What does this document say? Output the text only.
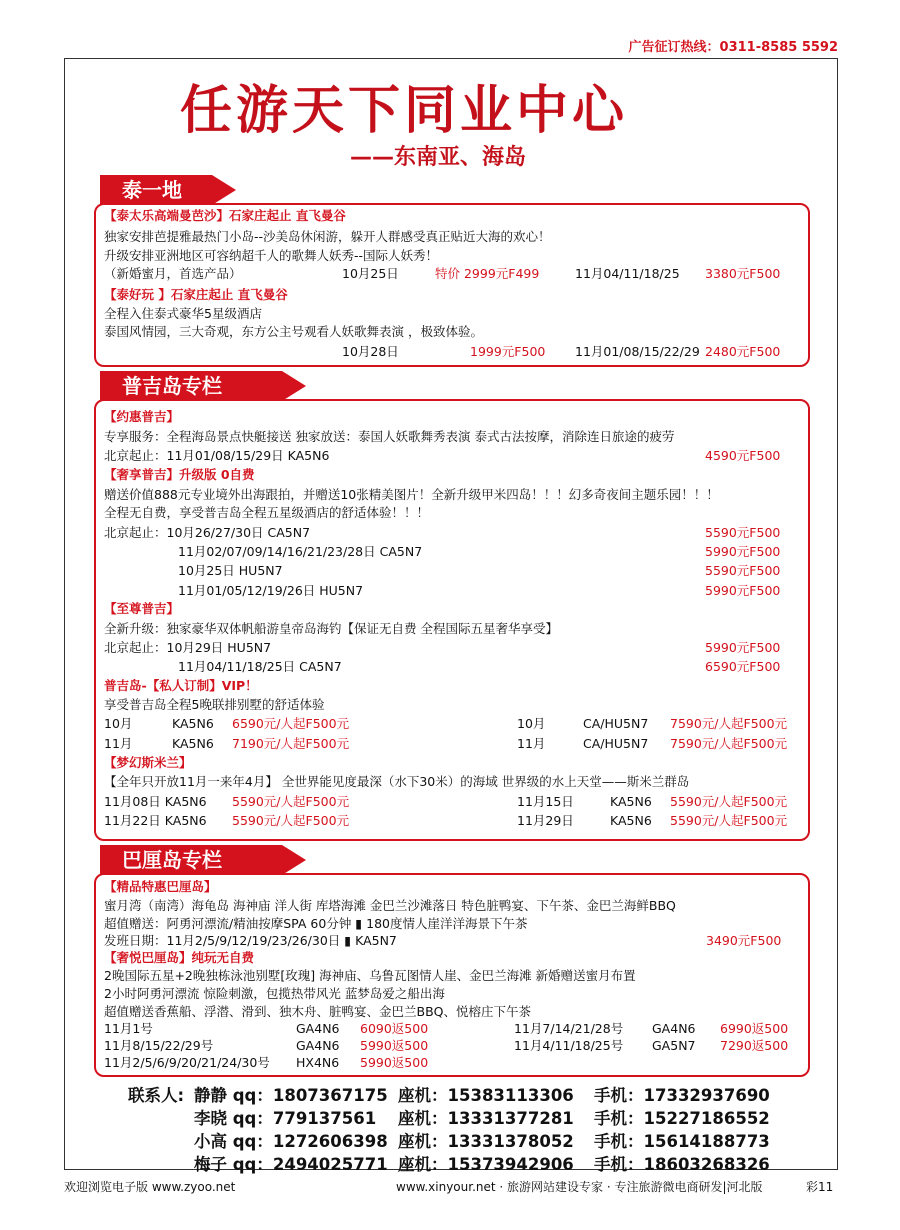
广告征订热线：0311-8585 5592
任游天下同业中心
——东南亚、海岛
泰一地
【泰太乐高端曼芭沙】石家庄起止 直飞曼谷
独家安排芭提雅最热门小岛--沙美岛休闲游，躲开人群感受真正贴近大海的欢心！
升级安排亚洲地区可容纳超千人的歌舞人妖秀--国际人妖秀！
（新婚蜜月，首选产品）	10月25日	特价 2999元F499	11月04/11/18/25 3380元F500
【泰好玩 】石家庄起止 直飞曼谷
全程入住泰式豪华5星级酒店
泰国风情园，三大奇观，东方公主号观看人妖歌舞表演 ，极致体验。
10月28日	1999元F500 11月01/08/15/22/29 2480元F500
普吉岛专栏
【约惠普吉】
专享服务：全程海岛景点快艇接送 独家放送：泰国人妖歌舞秀表演 泰式古法按摩，消除连日旅途的疲劳
北京起止：11月01/08/15/29日 KA5N6	4590元F500
【奢享普吉】升级版 0自费
赠送价值888元专业境外出海跟拍，并赠送10张精美图片！全新升级甲米四岛！！！幻多奇夜间主题乐园！！！
全程无自费，享受普吉岛全程五星级酒店的舒适体验！！！
北京起止：10月26/27/30日 CA5N7	5590元F500
11月02/07/09/14/16/21/23/28日 CA5N7	5990元F500
10月25日 HU5N7	5590元F500
11月01/05/12/19/26日 HU5N7	5990元F500
【至尊普吉】
全新升级：独家豪华双体帆船游皇帝岛海钓【保证无自费 全程国际五星奢华享受】
北京起止：10月29日 HU5N7	5990元F500
11月04/11/18/25日 CA5N7	6590元F500
普吉岛-【私人订制】VIP！
享受普吉岛全程5晚联排别墅的舒适体验
10月	KA5N6 6590元/人起F500元	10月	CA/HU5N7 7590元/人起F500元
11月	KA5N6 7190元/人起F500元	11月	CA/HU5N7 7590元/人起F500元
【梦幻斯米兰】
【全年只开放11月一来年4月】 全世界能见度最深（水下30米）的海域 世界级的水上天堂——斯米兰群岛
11月08日 KA5N6 5590元/人起F500元	11月15日	KA5N6 5590元/人起F500元
11月22日 KA5N6 5590元/人起F500元	11月29日	KA5N6 5590元/人起F500元
巴厘岛专栏
【精品特惠巴厘岛】
蜜月湾（南湾）海龟岛 海神庙 洋人街 库塔海滩 金巴兰沙滩落日 特色脏鸭宴、下午茶、金巴兰海鲜BBQ
超值赠送：阿勇河漂流/精油按摩SPA 60分钟 ▮ 180度情人崖洋洋海景下午茶
发班日期：11月2/5/9/12/19/23/26/30日 ▮ KA5N7	3490元F500
【奢悦巴厘岛】纯玩无自费
2晚国际五星+2晚独栋泳池别墅[玫瑰] 海神庙、乌鲁瓦图情人崖、金巴兰海滩 新婚赠送蜜月布置
2小时阿勇河漂流 惊险刺激，包揽热带风光 蓝梦岛爱之船出海
超值赠送香蕉船、浮潜、滑到、独木舟、脏鸭宴、金巴兰BBQ、悦榕庄下午茶
11月1号	GA4N6 6090返500	11月7/14/21/28号 GA4N6 6990返500
11月8/15/22/29号	GA4N6 5990返500	11月4/11/18/25号 GA5N7 7290返500
11月2/5/6/9/20/21/24/30号 HX4N6 5990返500
联系人: 静静 qq：1807367175 座机：15383113306 手机：17332937690
李晓 qq：779137561 座机：13331377281 手机：15227186552
小高 qq：1272606398 座机：13331378052 手机：15614188773
梅子 qq：2494025771 座机：15373942906 手机：18603268326
欢迎浏览电子版 www.zyoo.net	www.xinyour.net · 旅游网站建设专家 · 专注旅游微电商研发|河北版	彩11
